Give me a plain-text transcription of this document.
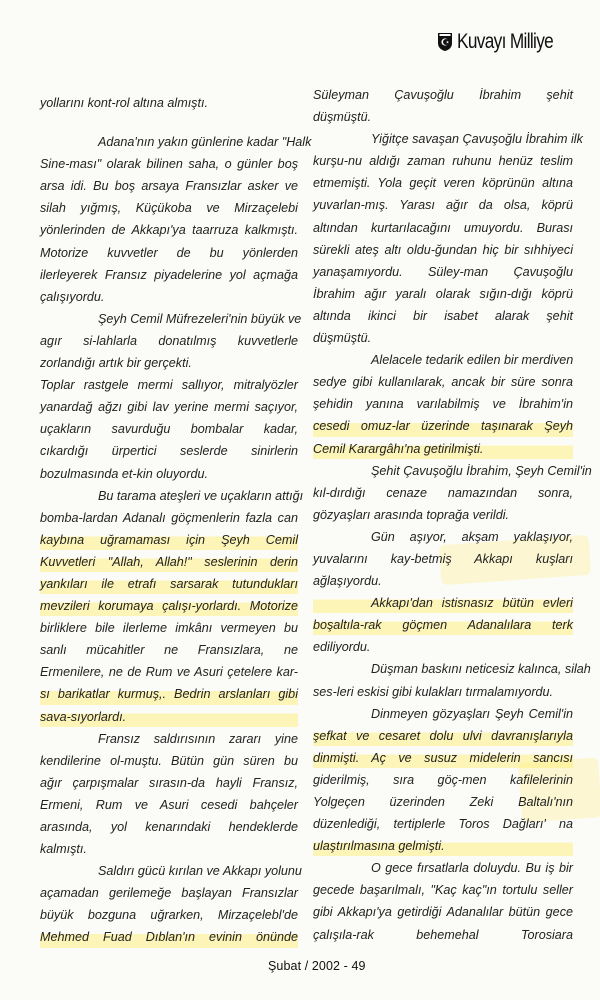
Kuvayı Milliye
yollarını kont-rol altına almıştı.
Adana'nın yakın günlerine kadar "Halk
Sine-ması" olarak bilinen saha, o günler boş
arsa idi. Bu boş arsaya Fransızlar asker ve
silah yığmış, Küçükoba ve Mirzaçelebi
yönlerinden de Akkapı'ya taarruza kalkmıştı.
Motorize kuvvetler de bu yönlerden
ilerleyerek Fransız piyadelerine yol açmağa
çalışıyordu.
Şeyh Cemil Müfrezeleri'nin büyük ve
agır si-lahlarla donatılmış kuvvetlerle
zorlandığı artık bir gerçekti.
Toplar rastgele mermi sallıyor, mitralyözler
yanardağ ağzı gibi lav yerine mermi saçıyor,
uçakların savurduğu bombalar kadar,
cıkardığı ürpertici seslerde sinirlerin
bozulmasında et-kin oluyordu.
Bu tarama ateşleri ve uçakların attığı
bomba-lardan Adanalı göçmenlerin fazla can
kaybına uğramaması için Şeyh Cemil
Kuvvetleri "Allah, Allah!" seslerinin derin
yankıları ile etrafı sarsarak tutundukları
mevzileri korumaya çalışı-yorlardı. Motorize
birliklere bile ilerleme imkânı vermeyen bu
sanlı mücahitler ne Fransızlara, ne
Ermenilere, ne de Rum ve Asuri çetelere kar-
sı barikatlar kurmuş,. Bedrin arslanları gibi
sava-sıyorlardı.
Fransız saldırısının zararı yine
kendilerine ol-muştu. Bütün gün süren bu
ağır çarpışmalar sırasın-da hayli Fransız,
Ermeni, Rum ve Asuri cesedi bahçeler
arasında, yol kenarındaki hendeklerde
kalmıştı.
Saldırı gücü kırılan ve Akkapı yolunu
açamadan gerilemeğe başlayan Fransızlar
büyük bozguna uğrarken, Mirzaçelebl'de
Mehmed Fuad Dıblan'ın evinin önünde
Süleyman Çavuşoğlu İbrahim şehit
düşmüştü.
Yiğitçe savaşan Çavuşoğlu İbrahim ilk
kurşu-nu aldığı zaman ruhunu henüz teslim
etmemişti. Yola geçit veren köprünün altına
yuvarlan-mış. Yarası ağır da olsa, köprü
altından kurtarılacağını umuyordu. Burası
sürekli ateş altı oldu-ğundan hiç bir sıhhiyeci
yanaşamıyordu. Süley-man Çavuşoğlu
İbrahim ağır yaralı olarak sığın-dığı köprü
altında ikinci bir isabet alarak şehit
düşmüştü.
Alelacele tedarik edilen bir merdiven
sedye gibi kullanılarak, ancak bir süre sonra
şehidin yanına varılabilmiş ve İbrahim'in
cesedi omuz-lar üzerinde taşınarak Şeyh
Cemil Karargâhı'na getirilmişti.
Şehit Çavuşoğlu İbrahim, Şeyh Cemil'in
kıl-dırdığı cenaze namazından sonra,
gözyaşları arasında toprağa verildi.
Gün aşıyor, akşam yaklaşıyor,
yuvalarını kay-betmiş Akkapı kuşları
ağlaşıyordu.
Akkapı'dan istisnasız bütün evleri
boşaltıla-rak göçmen Adanalılara terk
ediliyordu.
Düşman baskını neticesiz kalınca, silah
ses-leri eskisi gibi kulakları tırmalamıyordu.
Dinmeyen gözyaşları Şeyh Cemil'in
şefkat ve cesaret dolu ulvi davranışlarıyla
dinmişti. Aç ve susuz midelerin sancısı
giderilmiş, sıra göç-men kafilelerinin
Yolgeçen üzerinden Zeki Baltalı'nın
düzenlediği, tertiplerle Toros Dağları' na
ulaştırılmasına gelmişti.
O gece fırsatlarla doluydu. Bu iş bir
gecede başarılmalı, "Kaç kaç"ın tortulu seller
gibi Akkapı'ya getirdiği Adanalılar bütün gece
çalışıla-rak behemehal Torosiara
Şubat / 2002 - 49
